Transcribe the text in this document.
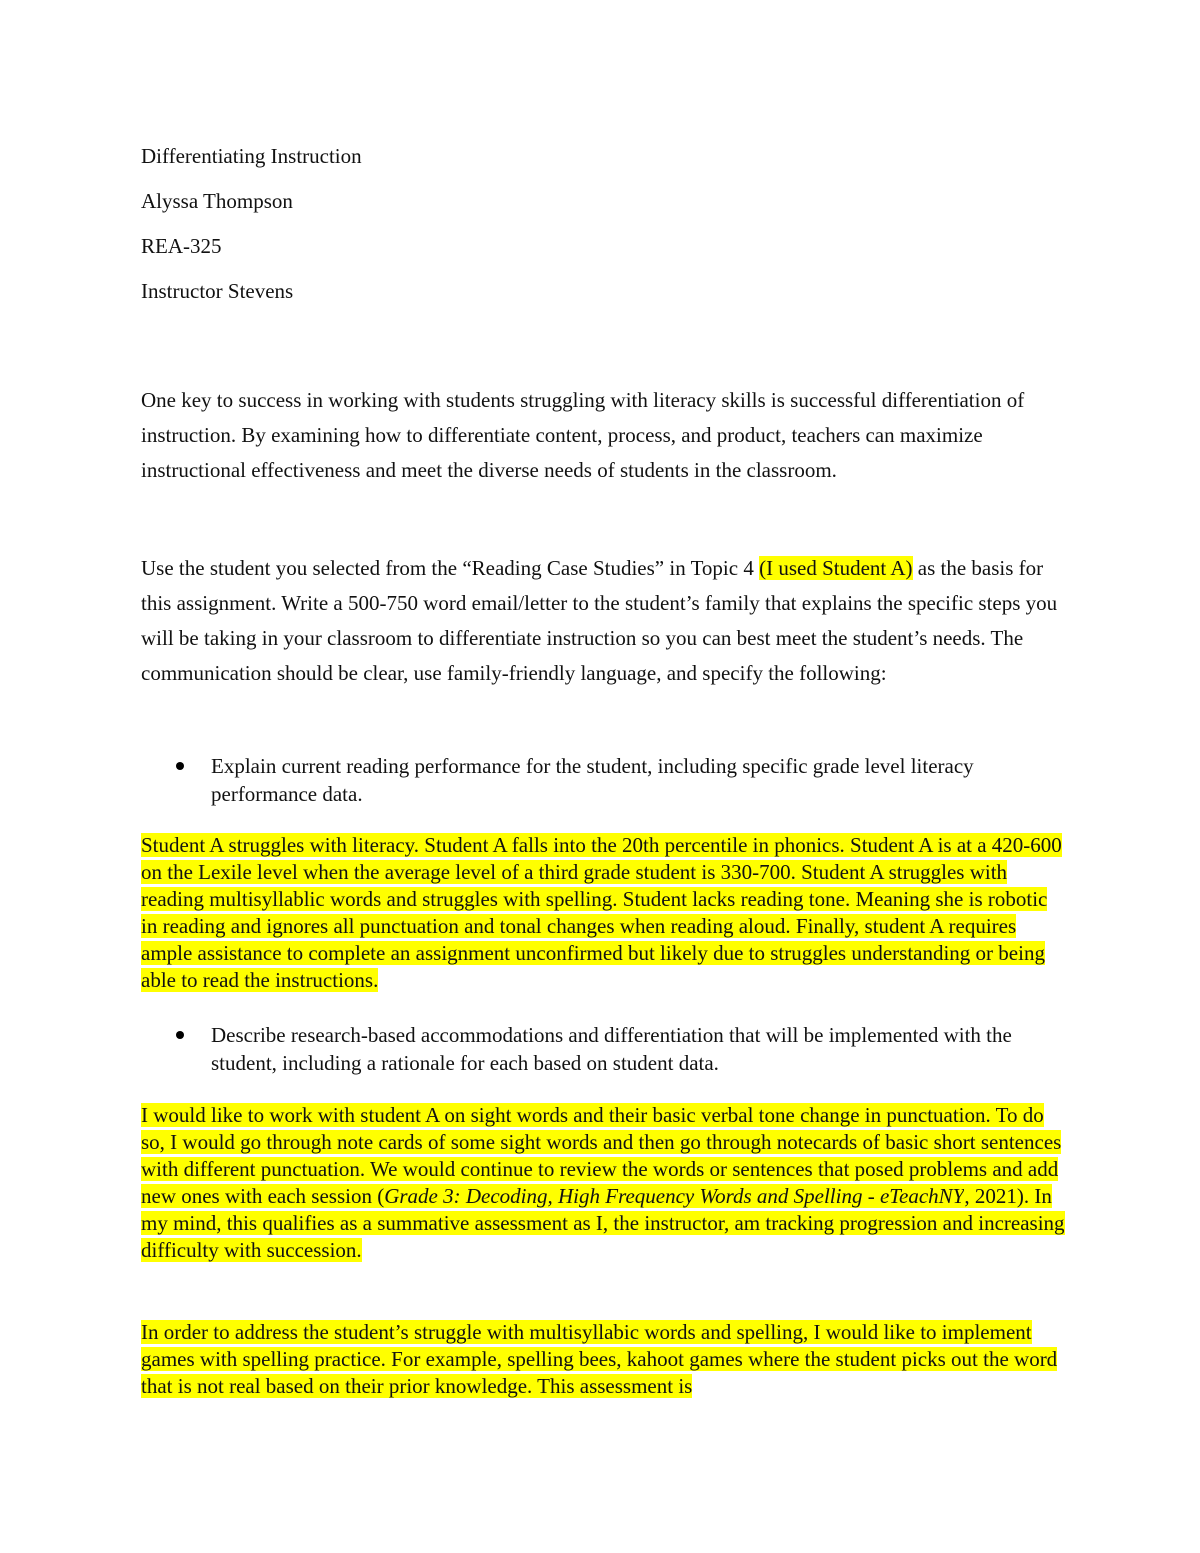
Differentiating Instruction
Alyssa Thompson
REA-325
Instructor Stevens
One key to success in working with students struggling with literacy skills is successful differentiation of instruction. By examining how to differentiate content, process, and product, teachers can maximize instructional effectiveness and meet the diverse needs of students in the classroom.
Use the student you selected from the “Reading Case Studies” in Topic 4 (I used Student A) as the basis for this assignment. Write a 500-750 word email/letter to the student’s family that explains the specific steps you will be taking in your classroom to differentiate instruction so you can best meet the student’s needs. The communication should be clear, use family-friendly language, and specify the following:
Explain current reading performance for the student, including specific grade level literacy performance data.
Student A struggles with literacy. Student A falls into the 20th percentile in phonics. Student A is at a 420-600 on the Lexile level when the average level of a third grade student is 330-700. Student A struggles with reading multisyllablic words and struggles with spelling. Student lacks reading tone. Meaning she is robotic in reading and ignores all punctuation and tonal changes when reading aloud. Finally, student A requires ample assistance to complete an assignment unconfirmed but likely due to struggles understanding or being able to read the instructions.
Describe research-based accommodations and differentiation that will be implemented with the student, including a rationale for each based on student data.
I would like to work with student A on sight words and their basic verbal tone change in punctuation. To do so, I would go through note cards of some sight words and then go through notecards of basic short sentences with different punctuation. We would continue to review the words or sentences that posed problems and add new ones with each session (Grade 3: Decoding, High Frequency Words and Spelling - eTeachNY, 2021). In my mind, this qualifies as a summative assessment as I, the instructor, am tracking progression and increasing difficulty with succession.
In order to address the student’s struggle with multisyllabic words and spelling, I would like to implement games with spelling practice. For example, spelling bees, kahoot games where the student picks out the word that is not real based on their prior knowledge. This assessment is
